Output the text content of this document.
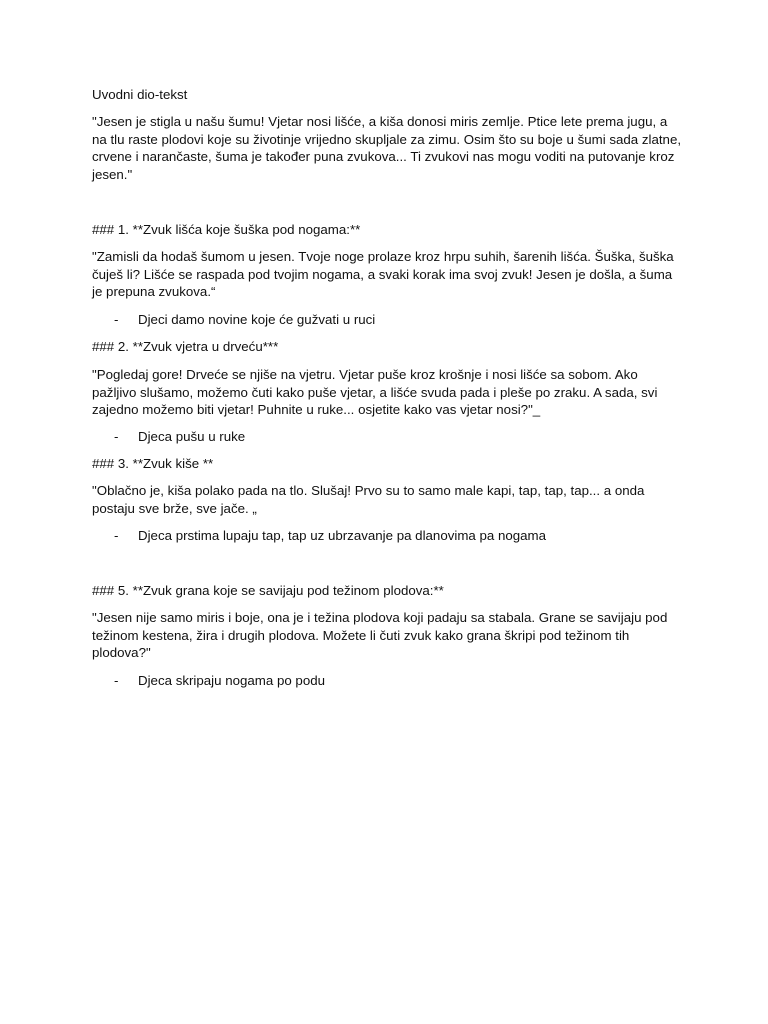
Uvodni dio-tekst

"Jesen je stigla u našu šumu! Vjetar nosi lišće, a kiša donosi miris zemlje. Ptice lete prema jugu, a na tlu raste plodovi koje su životinje vrijedno skupljale za zimu. Osim što su boje u šumi sada zlatne, crvene i narančaste, šuma je također puna zvukova... Ti zvukovi nas mogu voditi na putovanje kroz jesen."

### 1. **Zvuk lišća koje šuška pod nogama:**

"Zamisli da hodaš šumom u jesen. Tvoje noge prolaze kroz hrpu suhih, šarenih lišća. Šuška, šuška čuješ li? Lišće se raspada pod tvojim nogama, a svaki korak ima svoj zvuk! Jesen je došla, a šuma je prepuna zvukova.“

- Djeci damo novine koje će gužvati u ruci

### 2. **Zvuk vjetra u drveću***

"Pogledaj gore! Drveće se njiše na vjetru. Vjetar puše kroz krošnje i nosi lišće sa sobom. Ako pažljivo slušamo, možemo čuti kako puše vjetar, a lišće svuda pada i pleše po zraku. A sada, svi zajedno možemo biti vjetar! Puhnite u ruke... osjetite kako vas vjetar nosi?"_

- Djeca pušu u ruke

### 3. **Zvuk kiše **

"Oblačno je, kiša polako pada na tlo. Slušaj! Prvo su to samo male kapi, tap, tap, tap... a onda postaju sve brže, sve jače. „

- Djeca prstima lupaju tap, tap uz ubrzavanje pa dlanovima pa nogama

### 5. **Zvuk grana koje se savijaju pod težinom plodova:**

"Jesen nije samo miris i boje, ona je i težina plodova koji padaju sa stabala. Grane se savijaju pod težinom kestena, žira i drugih plodova. Možete li čuti zvuk kako grana škripi pod težinom tih plodova?"

- Djeca skripaju nogama po podu
